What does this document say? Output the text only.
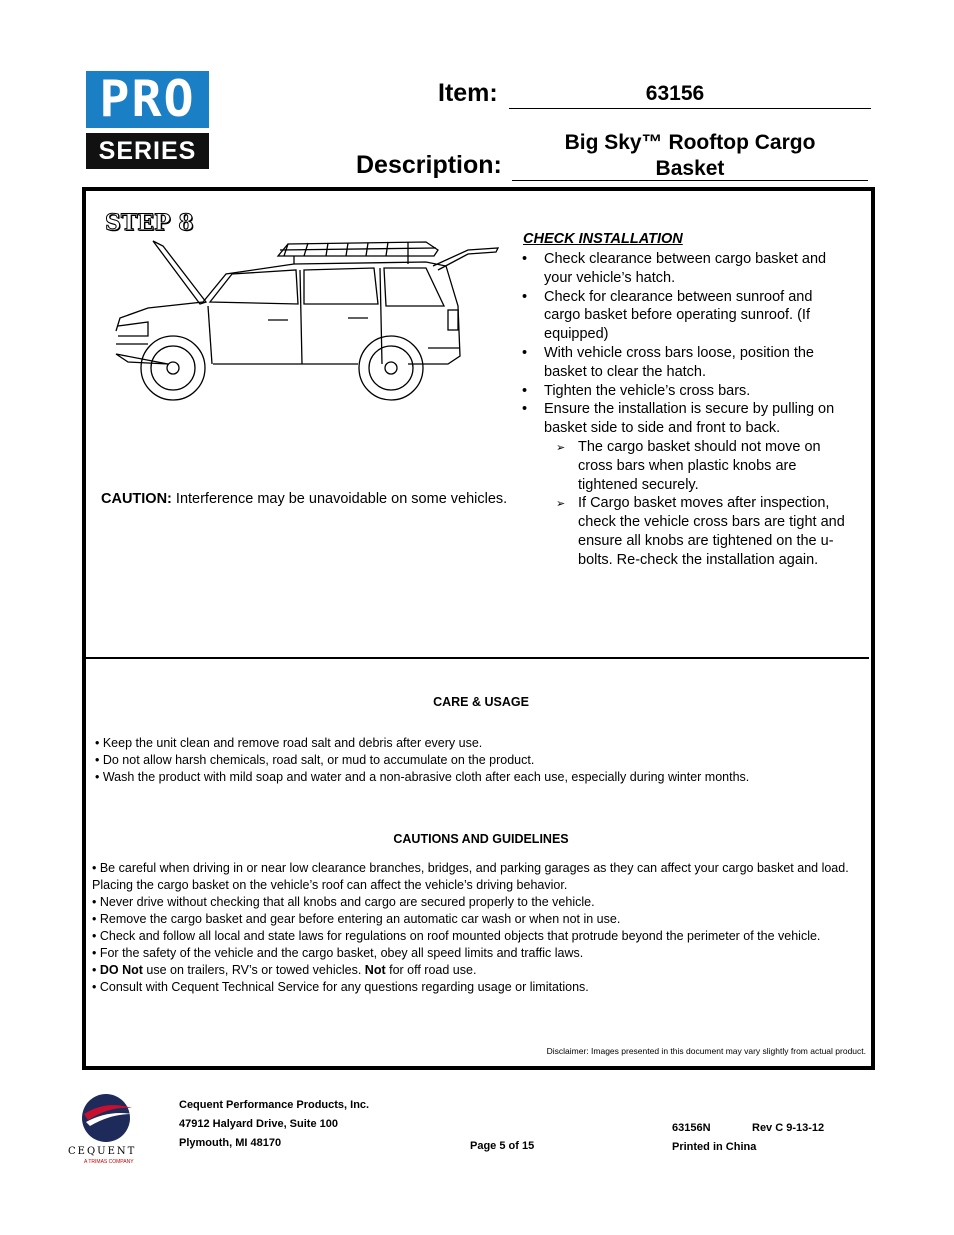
PRO TM
SERIES
Item:	63156
Description:
Big Sky™ Rooftop Cargo
Basket
STEP 8
CHECK INSTALLATION
• Check clearance between cargo basket and your vehicle’s hatch.
• Check for clearance between sunroof and cargo basket before operating sunroof. (If equipped)
• With vehicle cross bars loose, position the basket to clear the hatch.
• Tighten the vehicle’s cross bars.
• Ensure the installation is secure by pulling on basket side to side and front to back.
➢ The cargo basket should not move on cross bars when plastic knobs are tightened securely.
➢ If Cargo basket moves after inspection, check the vehicle cross bars are tight and ensure all knobs are tightened on the u-bolts. Re-check the installation again.
CAUTION: Interference may be unavoidable on some vehicles.
CARE & USAGE
• Keep the unit clean and remove road salt and debris after every use.
• Do not allow harsh chemicals, road salt, or mud to accumulate on the product.
• Wash the product with mild soap and water and a non-abrasive cloth after each use, especially during winter months.
CAUTIONS AND GUIDELINES
• Be careful when driving in or near low clearance branches, bridges, and parking garages as they can affect your cargo basket and load. Placing the cargo basket on the vehicle’s roof can affect the vehicle’s driving behavior.
• Never drive without checking that all knobs and cargo are secured properly to the vehicle.
• Remove the cargo basket and gear before entering an automatic car wash or when not in use.
• Check and follow all local and state laws for regulations on roof mounted objects that protrude beyond the perimeter of the vehicle.
• For the safety of the vehicle and the cargo basket, obey all speed limits and traffic laws.
• DO Not use on trailers, RV’s or towed vehicles. Not for off road use.
• Consult with Cequent Technical Service for any questions regarding usage or limitations.
Disclaimer: Images presented in this document may vary slightly from actual product.
CEQUENT
A TRIMAS COMPANY
Cequent Performance Products, Inc.
47912 Halyard Drive, Suite 100
Plymouth, MI 48170	Page 5 of 15
63156N	Rev C 9-13-12
Printed in China
